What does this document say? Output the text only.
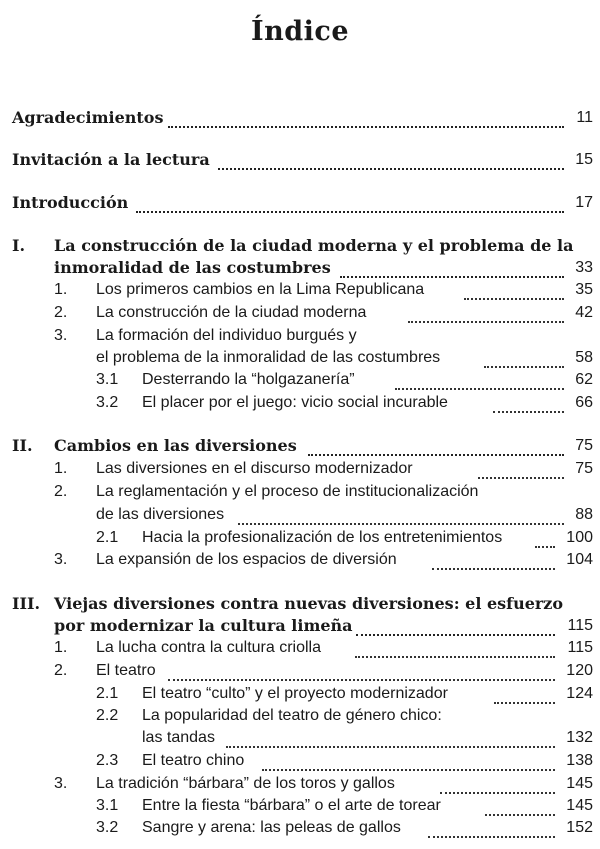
Índice
Agradecimientos	11
Invitación a la lectura	15
Introducción	17
I. La construcción de la ciudad moderna y el problema de la
inmoralidad de las costumbres	33
1. Los primeros cambios en la Lima Republicana	35
2. La construcción de la ciudad moderna	42
3. La formación del individuo burgués y
el problema de la inmoralidad de las costumbres	58
3.1 Desterrando la “holgazanería”	62
3.2 El placer por el juego: vicio social incurable	66
II. Cambios en las diversiones	75
1. Las diversiones en el discurso modernizador	75
2. La reglamentación y el proceso de institucionalización
de las diversiones	88
2.1 Hacia la profesionalización de los entretenimientos	100
3. La expansión de los espacios de diversión	104
III. Viejas diversiones contra nuevas diversiones: el esfuerzo
por modernizar la cultura limeña	115
1. La lucha contra la cultura criolla	115
2. El teatro	120
2.1 El teatro “culto” y el proyecto modernizador	124
2.2 La popularidad del teatro de género chico:
las tandas	132
2.3 El teatro chino	138
3. La tradición “bárbara” de los toros y gallos	145
3.1 Entre la fiesta “bárbara” o el arte de torear	145
3.2 Sangre y arena: las peleas de gallos	152
